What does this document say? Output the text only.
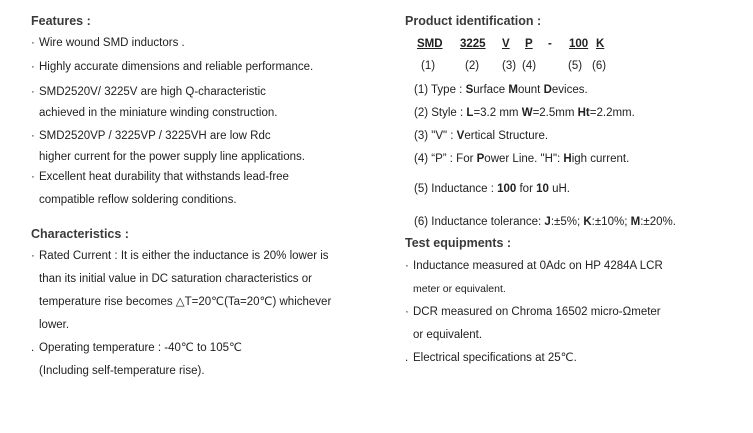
Features :
· Wire wound SMD inductors .
· Highly accurate dimensions and reliable performance.
· SMD2520V/ 3225V are high Q-characteristic
achieved in the miniature winding construction.
· SMD2520VP / 3225VP / 3225VH are low Rdc
higher current for the power supply line applications.
· Excellent heat durability that withstands lead-free
compatible reflow soldering conditions.
Characteristics :
· Rated Current : It is either the inductance is 20% lower is
than its initial value in DC saturation characteristics or
temperature rise becomes △T=20℃(Ta=20℃) whichever
lower.
. Operating temperature : -40℃ to 105℃
(Including self-temperature rise).
Product identification :
SMD 3225 V P - 100 K
(1)	(2) (3) (4)	(5) (6)
(1) Type : Surface Mount Devices.
(2) Style : L=3.2 mm W=2.5mm Ht=2.2mm.
(3) "V" : Vertical Structure.
(4) “P” : For Power Line. "H": High current.
(5) Inductance : 100 for 10 uH.
(6) Inductance tolerance: J:±5%; K:±10%; M:±20%.
Test equipments :
· Inductance measured at 0Adc on HP 4284A LCR
meter or equivalent.
· DCR measured on Chroma 16502 micro-Ωmeter
or equivalent.
. Electrical specifications at 25℃.
